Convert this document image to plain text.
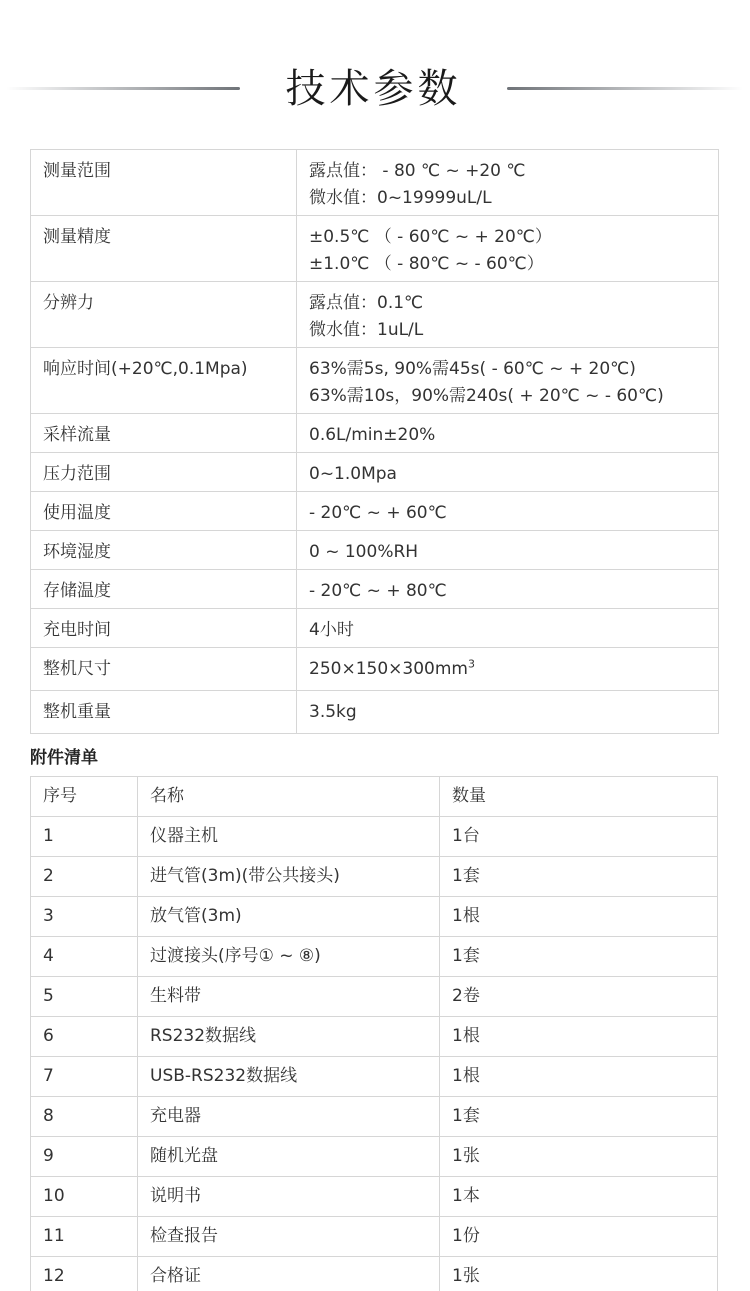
技术参数
测量范围	露点值： - 80 ℃ ~ +20 ℃
微水值：0~19999uL/L

测量精度	±0.5℃ （ - 60℃ ~ + 20℃）
±1.0℃ （ - 80℃ ~ - 60℃）

分辨力	露点值：0.1℃
微水值：1uL/L

响应时间(+20℃,0.1Mpa)	63%需5s, 90%需45s( - 60℃ ~ + 20℃)
63%需10s，90%需240s( + 20℃ ~ - 60℃)

采样流量	0.6L/min±20%
压力范围	0~1.0Mpa
使用温度	- 20℃ ~ + 60℃
环境湿度	0 ~ 100%RH
存储温度	- 20℃ ~ + 80℃
充电时间	4小时
整机尺寸	$250\times 150\times 300mm^3$
整机重量	3.5kg
附件清单
序号	名称	数量
1	仪器主机	1台
2	进气管(3m)(带公共接头)	1套
3	放气管(3m)	1根
4	过渡接头(序号① ~ ⑧)	1套
5	生料带	2卷
6	RS232数据线	1根
7	USB-RS232数据线	1根
8	充电器	1套
9	随机光盘	1张
10	说明书	1本
11	检查报告	1份
12	合格证	1张
